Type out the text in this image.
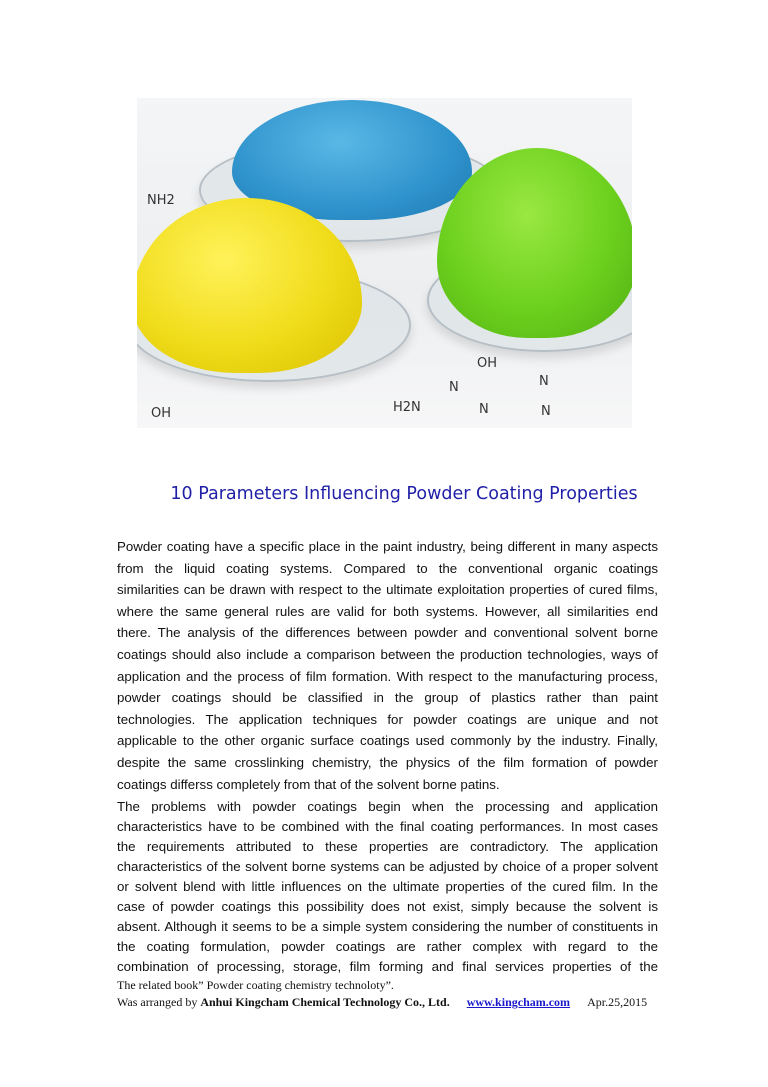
NH2
OH
OH
H2N
N
N
N
N
10 Parameters Influencing Powder Coating Properties
Powder coating have a specific place in the paint industry, being different in many aspects
from the liquid coating systems. Compared to the conventional organic coatings
similarities can be drawn with respect to the ultimate exploitation properties of cured films,
where the same general rules are valid for both systems. However, all similarities end
there. The analysis of the differences between powder and conventional solvent borne
coatings should also include a comparison between the production technologies, ways of
application and the process of film formation. With respect to the manufacturing process,
powder coatings should be classified in the group of plastics rather than paint
technologies. The application techniques for powder coatings are unique and not
applicable to the other organic surface coatings used commonly by the industry. Finally,
despite the same crosslinking chemistry, the physics of the film formation of powder
coatings differss completely from that of the solvent borne patins.
The problems with powder coatings begin when the processing and application
characteristics have to be combined with the final coating performances. In most cases
the requirements attributed to these properties are contradictory. The application
characteristics of the solvent borne systems can be adjusted by choice of a proper solvent
or solvent blend with little influences on the ultimate properties of the cured film. In the
case of powder coatings this possibility does not exist, simply because the solvent is
absent. Although it seems to be a simple system considering the number of constituents in
the coating formulation, powder coatings are rather complex with regard to the
combination of processing, storage, film forming and final services properties of the
The related book” Powder coating chemistry technoloty”.
Was arranged by Anhui Kingcham Chemical Technology Co., Ltd. www.kingcham.com Apr.25,2015
